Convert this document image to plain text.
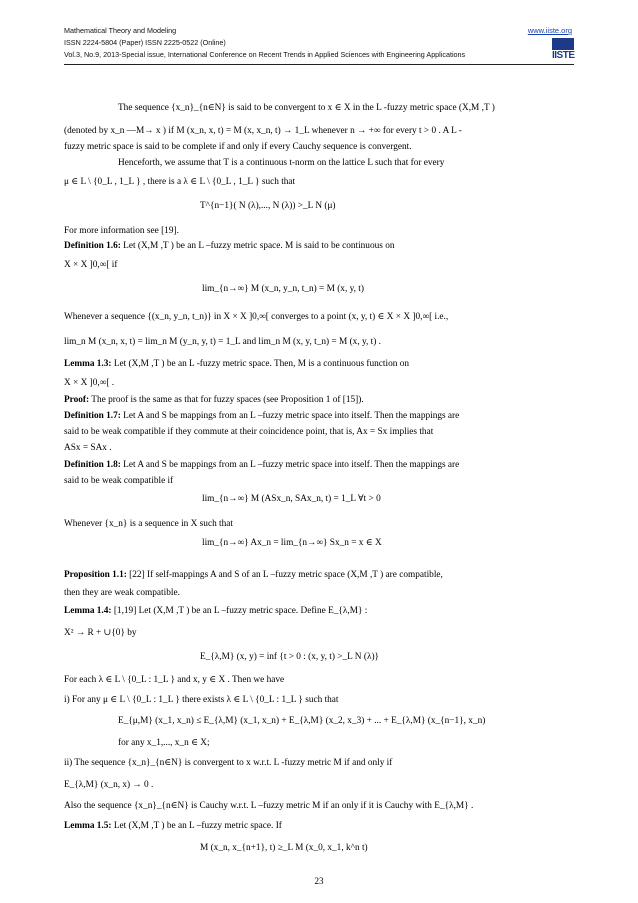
Mathematical Theory and Modeling
ISSN 2224-5804 (Paper) ISSN 2225-0522 (Online)
Vol.3, No.9, 2013-Special issue, International Conference on Recent Trends in Applied Sciences with Engineering Applications
www.iiste.org
IISTE
The sequence {x_n}_{n∈N} is said to be convergent to x ∈ X in the L -fuzzy metric space (X,M ,T )
(denoted by x_n —M→ x ) if M (x_n, x, t) = M (x, x_n, t) → 1_L whenever n → +∞ for every t > 0 . A L -
fuzzy metric space is said to be complete if and only if every Cauchy sequence is convergent.
Henceforth, we assume that T is a continuous t-norm on the lattice L such that for every
μ ∈ L \ {0_L , 1_L } , there is a λ ∈ L \ {0_L , 1_L } such that
T^{n−1}( N (λ),..., N (λ)) >_L N (μ)
For more information see [19].
Definition 1.6: Let (X,M ,T ) be an L –fuzzy metric space. M is said to be continuous on
X × X ]0,∞[ if
lim_{n→∞} M (x_n, y_n, t_n) = M (x, y, t)
Whenever a sequence {(x_n, y_n, t_n)} in X × X ]0,∞[ converges to a point (x, y, t) ∈ X × X ]0,∞[ i.e.,
lim_n M (x_n, x, t) = lim_n M (y_n, y, t) = 1_L and lim_n M (x, y, t_n) = M (x, y, t) .
Lemma 1.3: Let (X,M ,T ) be an L -fuzzy metric space. Then, M is a continuous function on
X × X ]0,∞[ .
Proof: The proof is the same as that for fuzzy spaces (see Proposition 1 of [15]).
Definition 1.7: Let A and S be mappings from an L –fuzzy metric space into itself. Then the mappings are
said to be weak compatible if they commute at their coincidence point, that is, Ax = Sx implies that
ASx = SAx .
Definition 1.8: Let A and S be mappings from an L –fuzzy metric space into itself. Then the mappings are
said to be weak compatible if
lim_{n→∞} M (ASx_n, SAx_n, t) = 1_L ∀t > 0
Whenever {x_n} is a sequence in X such that
lim_{n→∞} Ax_n = lim_{n→∞} Sx_n = x ∈ X
Proposition 1.1: [22] If self-mappings A and S of an L –fuzzy metric space (X,M ,T ) are compatible,
then they are weak compatible.
Lemma 1.4: [1,19] Let (X,M ,T ) be an L –fuzzy metric space. Define E_{λ,M} :
X² → R + ∪{0} by
E_{λ,M} (x, y) = inf {t > 0 : (x, y, t) >_L N (λ)}
For each λ ∈ L \ {0_L : 1_L } and x, y ∈ X . Then we have
i) For any μ ∈ L \ {0_L : 1_L } there exists λ ∈ L \ {0_L : 1_L } such that
E_{μ,M} (x_1, x_n) ≤ E_{λ,M} (x_1, x_n) + E_{λ,M} (x_2, x_3) + ... + E_{λ,M} (x_{n−1}, x_n)
for any x_1,..., x_n ∈ X;
ii) The sequence {x_n}_{n∈N} is convergent to x w.r.t. L -fuzzy metric M if and only if
E_{λ,M} (x_n, x) → 0 .
Also the sequence {x_n}_{n∈N} is Cauchy w.r.t. L –fuzzy metric M if an only if it is Cauchy with E_{λ,M} .
Lemma 1.5: Let (X,M ,T ) be an L –fuzzy metric space. If
M (x_n, x_{n+1}, t) ≥_L M (x_0, x_1, k^n t)
23
